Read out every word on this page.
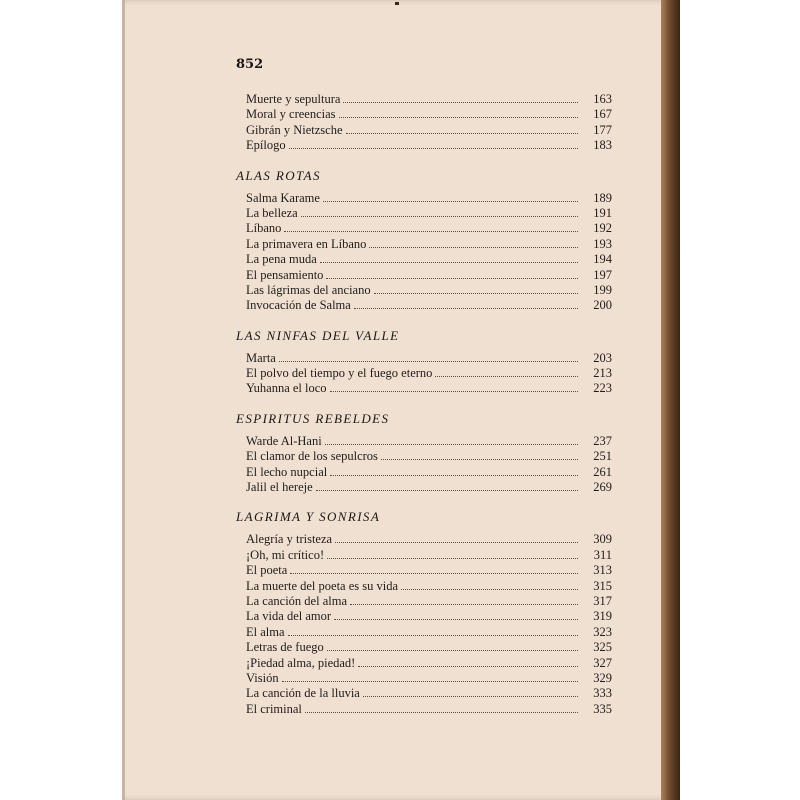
852
Muerte y sepultura	163
Moral y creencias	167
Gibrán y Nietzsche	177
Epílogo	183
ALAS ROTAS
Salma Karame	189
La belleza	191
Líbano	192
La primavera en Líbano	193
La pena muda	194
El pensamiento	197
Las lágrimas del anciano	199
Invocación de Salma	200
LAS NINFAS DEL VALLE
Marta	203
El polvo del tiempo y el fuego eterno	213
Yuhanna el loco	223
ESPIRITUS REBELDES
Warde Al-Hani	237
El clamor de los sepulcros	251
El lecho nupcial	261
Jalil el hereje	269
LAGRIMA Y SONRISA
Alegría y tristeza	309
¡Oh, mi crítico!	311
El poeta	313
La muerte del poeta es su vida	315
La canción del alma	317
La vida del amor	319
El alma	323
Letras de fuego	325
¡Piedad alma, piedad!	327
Visión	329
La canción de la lluvia	333
El criminal	335
